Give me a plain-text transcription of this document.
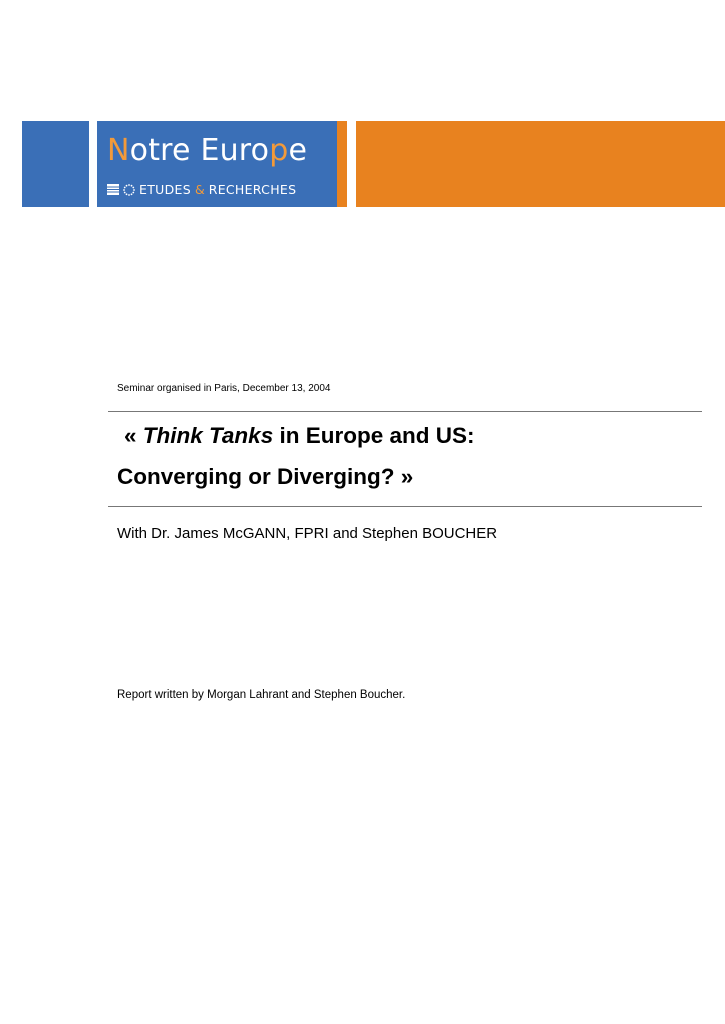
Notre Europe
ETUDES & RECHERCHES
Seminar organised in Paris, December 13, 2004
« Think Tanks in Europe and US:
Converging or Diverging? »
With Dr. James McGANN, FPRI and Stephen BOUCHER
Report written by Morgan Lahrant and Stephen Boucher.
